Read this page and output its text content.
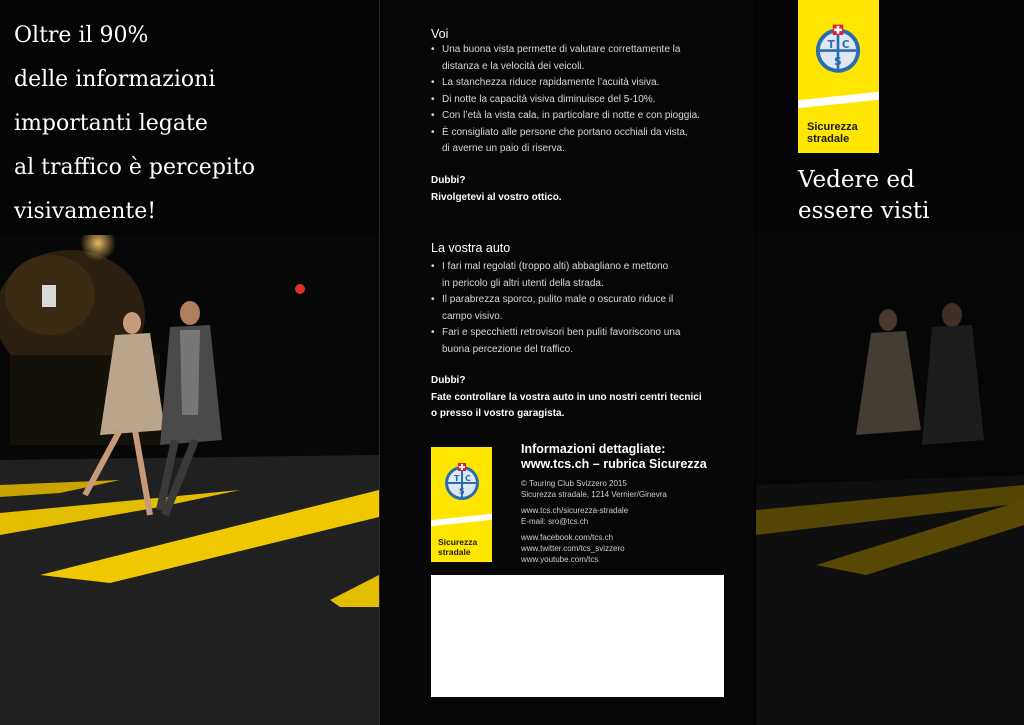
Oltre il 90%
delle informazioni
importanti legate
al traffico è percepito
visivamente!
Voi
• Una buona vista permette di valutare correttamente la
distanza e la velocità dei veicoli.
• La stanchezza riduce rapidamente l’acuità visiva.
• Di notte la capacità visiva diminuisce del 5-10%.
• Con l’età la vista cala, in particolare di notte e con pioggia.
• È consigliato alle persone che portano occhiali da vista,
di averne un paio di riserva.
Dubbi?
Rivolgetevi al vostro ottico.
La vostra auto
• I fari mal regolati (troppo alti) abbagliano e mettono
in pericolo gli altri utenti della strada.
• Il parabrezza sporco, pulito male o oscurato riduce il
campo visivo.
• Fari e specchietti retrovisori ben puliti favoriscono una
buona percezione del traffico.
Dubbi?
Fate controllare la vostra auto in uno nostri centri tecnici
o presso il vostro garagista.
T C
S
Sicurezza
stradale
Informazioni dettagliate:
www.tcs.ch – rubrica Sicurezza
© Touring Club Svizzero 2015
Sicurezza stradale, 1214 Vernier/Ginevra
www.tcs.ch/sicurezza-stradale
E-mail: sro@tcs.ch
www.facebook.com/tcs.ch
www.twitter.com/tcs_svizzero
www.youtube.com/tcs
T C
S
Sicurezza
stradale
Vedere ed
essere visti
